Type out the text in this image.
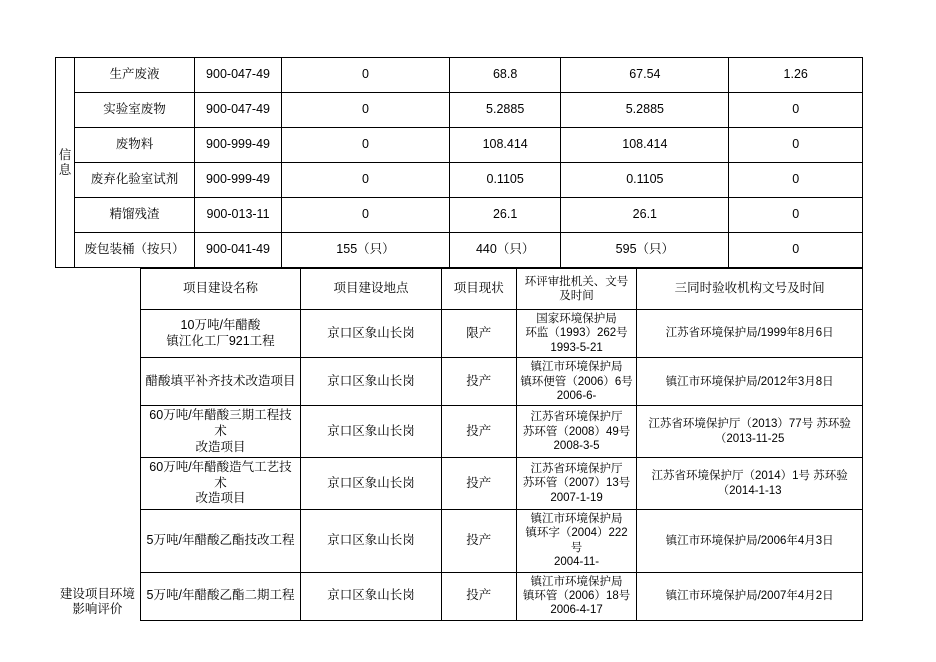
信
息	生产废液	900-047-49	0	68.8	67.54	1.26
	实验室废物	900-047-49	0	5.2885	5.2885	0
	废物料	900-999-49	0	108.414	108.414	0
	废弃化验室试剂	900-999-49	0	0.1105	0.1105	0
	精馏残渣	900-013-11	0	26.1	26.1	0
	废包装桶（按只）	900-041-49	155（只）	440（只）	595（只）	0
建设项目环境影响评价	项目建设名称	项目建设地点	项目现状	环评审批机关、文号及时间	三同时验收机构文号及时间

	10万吨/年醋酸
镇江化工厂921工程	京口区象山长岗	限产	国家环境保护局
环监（1993）262号
1993-5-21	江苏省环境保护局/1999年8月6日

	醋酸填平补齐技术改造项目	京口区象山长岗	投产	镇江市环境保护局
镇环便管（2006）6号
2006-6-	镇江市环境保护局/2012年3月8日

	60万吨/年醋酸三期工程技术
改造项目	京口区象山长岗	投产	江苏省环境保护厅
苏环管（2008）49号
2008-3-5	江苏省环境保护厅（2013）77号 苏环验（2013-11-25

	60万吨/年醋酸造气工艺技术
改造项目	京口区象山长岗	投产	江苏省环境保护厅
苏环管（2007）13号
2007-1-19	江苏省环境保护厅（2014）1号 苏环验（2014-1-13

	5万吨/年醋酸乙酯技改工程	京口区象山长岗	投产	镇江市环境保护局
镇环字（2004）222号
2004-11-	镇江市环境保护局/2006年4月3日

	5万吨/年醋酸乙酯二期工程	京口区象山长岗	投产	镇江市环境保护局
镇环管（2006）18号
2006-4-17	镇江市环境保护局/2007年4月2日
